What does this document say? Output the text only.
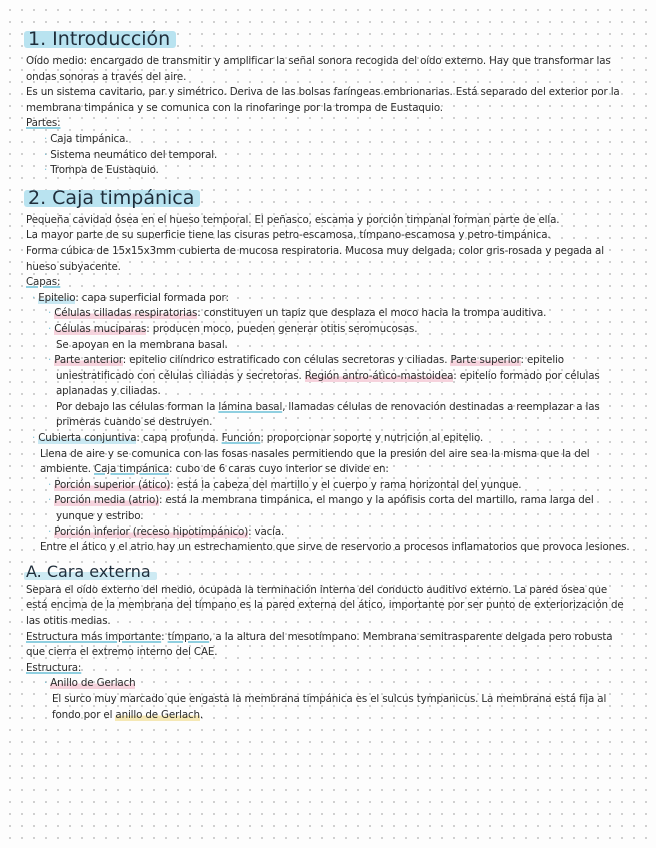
1. Introducción

Oído medio: encargado de transmitir y amplificar la señal sonora recogida del oído externo. Hay que transformar las ondas sonoras a través del aire.

Es un sistema cavitario, par y simétrico. Deriva de las bolsas faríngeas embrionarias. Está separado del exterior por la membrana timpánica y se comunica con la rinofaringe por la trompa de Eustaquio.

Partes:

· Caja timpánica.

· Sistema neumático del temporal.

· Trompa de Eustaquio.

2. Caja timpánica

Pequeña cavidad ósea en el hueso temporal. El peñasco, escama y porción timpanal forman parte de ella.

La mayor parte de su superficie tiene las cisuras petro-escamosa, tímpano-escamosa y petro-timpánica.

Forma cúbica de 15x15x3mm cubierta de mucosa respiratoria. Mucosa muy delgada, color gris-rosada y pegada al hueso subyacente.

Capas:

· Epitelio: capa superficial formada por:

· Células ciliadas respiratorias: constituyen un tapiz que desplaza el moco hacia la trompa auditiva.

· Células muciparas: producen moco, pueden generar otitis seromucosas.

Se apoyan en la membrana basal.

· Parte anterior: epitelio cilíndrico estratificado con células secretoras y ciliadas. Parte superior: epitelio uniestratificado con células ciliadas y secretoras. Región antro-ático-mastoidea: epitelio formado por células aplanadas y ciliadas.

Por debajo las células forman la lámina basal, llamadas células de renovación destinadas a reemplazar a las primeras cuando se destruyen.

· Cubierta conjuntiva: capa profunda. Función: proporcionar soporte y nutrición al epitelio.

Llena de aire y se comunica con las fosas nasales permitiendo que la presión del aire sea la misma que la del ambiente. Caja timpánica: cubo de 6 caras cuyo interior se divide en:

· Porción superior (ático): está la cabeza del martillo y el cuerpo y rama horizontal del yunque.

· Porción media (atrio): está la membrana timpánica, el mango y la apófisis corta del martillo, rama larga del yunque y estribo.

· Porción inferior (receso hipotimpánico): vacía.

Entre el ático y el atrio hay un estrechamiento que sirve de reservorio a procesos inflamatorios que provoca lesiones.

A. Cara externa

Separa el oído externo del medio, ocupada la terminación interna del conducto auditivo externo. La pared ósea que está encima de la membrana del tímpano es la pared externa del ático, importante por ser punto de exteriorización de las otitis medias.

Estructura más importante: tímpano, a la altura del mesotímpano. Membrana semitrasparente delgada pero robusta que cierra el extremo interno del CAE.

Estructura:

· Anillo de Gerlach

El surco muy marcado que engasta la membrana timpánica es el sulcus tympanicus. La membrana está fija al fondo por el anillo de Gerlach.
